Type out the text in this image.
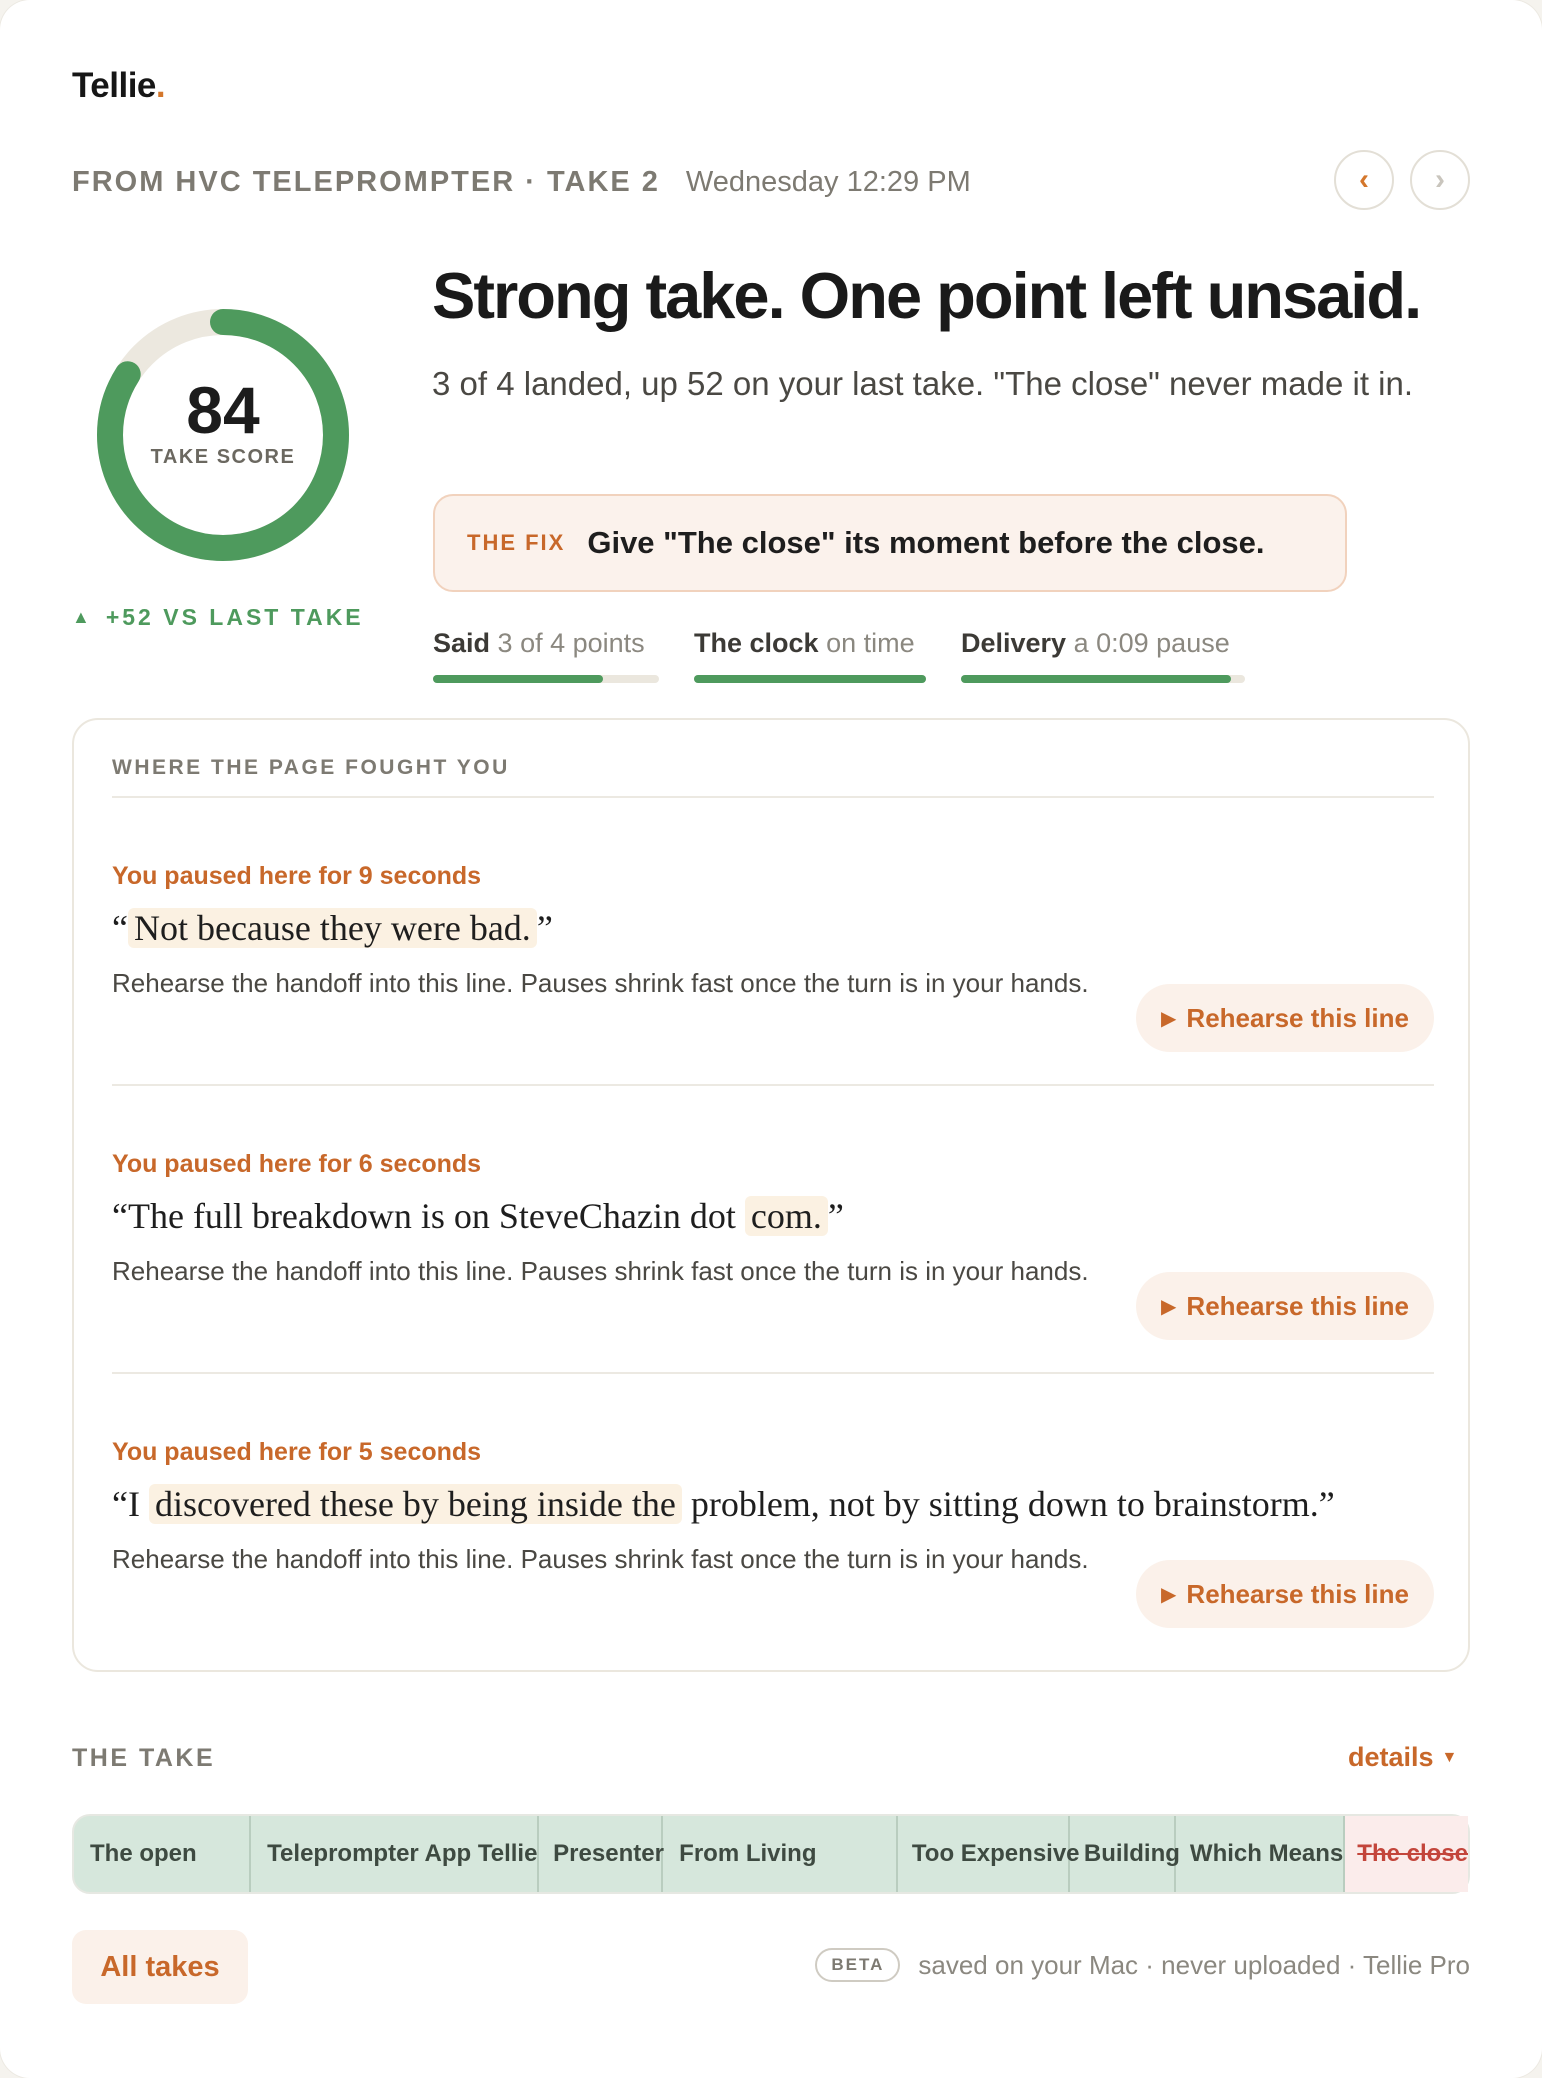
Tellie.
FROM HVC TELEPROMPTER · TAKE 2 Wednesday 12:29 PM	‹ ›
84
TAKE SCORE
▲ +52 VS LAST TAKE
Strong take. One point left unsaid.
3 of 4 landed, up 52 on your last take. "The close" never made it in.
THE FIX Give "The close" its moment before the close.
Said 3 of 4 points	The clock on time	Delivery a 0:09 pause
WHERE THE PAGE FOUGHT YOU
You paused here for 9 seconds
“ Not because they were bad. ”
Rehearse the handoff into this line. Pauses shrink fast once the turn is in your hands.
▶ Rehearse this line
You paused here for 6 seconds
“The full breakdown is on SteveChazin dot com. ”
Rehearse the handoff into this line. Pauses shrink fast once the turn is in your hands.
▶ Rehearse this line
You paused here for 5 seconds
“I discovered these by being inside the problem, not by sitting down to brainstorm.”
Rehearse the handoff into this line. Pauses shrink fast once the turn is in your hands.
▶ Rehearse this line
THE TAKE	details ▼
The open	Teleprompter App Tellie Presenter From Living	Too Expensive Building Which Means The close
All takes	BETA	saved on your Mac · never uploaded · Tellie Pro
